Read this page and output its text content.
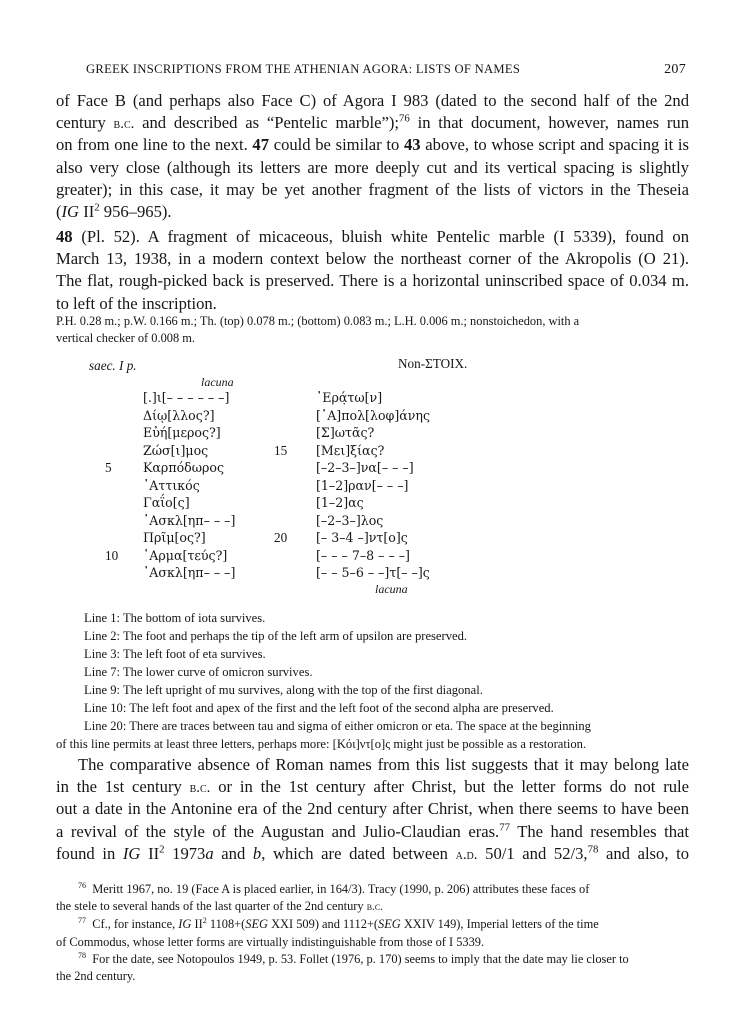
GREEK INSCRIPTIONS FROM THE ATHENIAN AGORA: LISTS OF NAMES	207
of Face B (and perhaps also Face C) of Agora I 983 (dated to the second half of the 2nd
century b.c. and described as “Pentelic marble”);$^{76}$ in that document, however, names run
on from one line to the next. 47 could be similar to 43 above, to whose script and spacing it is
also very close (although its letters are more deeply cut and its vertical spacing is slightly
greater); in this case, it may be yet another fragment of the lists of victors in the Theseia
(IG $II^2$ 956–965).
48 (Pl. 52). A fragment of micaceous, bluish white Pentelic marble (I 5339), found on
March 13, 1938, in a modern context below the northeast corner of the Akropolis (O 21).
The flat, rough-picked back is preserved. There is a horizontal uninscribed space of 0.034 m.
to left of the inscription.
P.H. 0.28 m.; p.W. 0.166 m.; Th. (top) 0.078 m.; (bottom) 0.083 m.; L.H. 0.006 m.; nonstoichedon, with a
vertical checker of 0.008 m.
saec. I p.	Non-ΣΤΟΙΧ.
lacuna
[.]ι[– – – – – –]
Δίῳ[λλος?]
Εὐή[μερος?]
Ζώσ[ι]μος
5 Καρπόδωρος
᾽Αττικός
Γαΐο[ς]
᾽Ασκλ[ηπ– – –]
Πρῖμ[ος?]
10 ῾Αρμα[τεύς?]
᾽Ασκλ[ηπ– – –]
᾽Ερά̣τω[ν]
[᾽Α]πολ[λοφ]άνης
[Σ]ωτᾶς?
15 [Μει]ξίας?
[–2–3–]να[– – –]
[1–2]ραν[– – –]
[1–2]ας
[–2–3–]λος
20 [– 3–4 –]ντ[ο]ς
[– – – 7–8 – – –]
[– – 5–6 – –]τ[– –]ς
lacuna
Line 1: The bottom of iota survives.
Line 2: The foot and perhaps the tip of the left arm of upsilon are preserved.
Line 3: The left foot of eta survives.
Line 7: The lower curve of omicron survives.
Line 9: The left upright of mu survives, along with the top of the first diagonal.
Line 10: The left foot and apex of the first and the left foot of the second alpha are preserved.
Line 20: There are traces between tau and sigma of either omicron or eta. The space at the beginning
of this line permits at least three letters, perhaps more: [Κόι]ντ[ο]ς might just be possible as a restoration.
The comparative absence of Roman names from this list suggests that it may belong late
in the 1st century b.c. or in the 1st century after Christ, but the letter forms do not rule
out a date in the Antonine era of the 2nd century after Christ, when there seems to have been
a revival of the style of the Augustan and Julio-Claudian eras.$^{77}$ The hand resembles that
found in IG $II^2$ 1973a and b, which are dated between a.d. 50/1 and 52/3,78 and also, to
$^{76}$ Meritt 1967, no. 19 (Face A is placed earlier, in 164/3). Tracy (1990, p. 206) attributes these faces of
the stele to several hands of the last quarter of the 2nd century b.c.
$^{77}$ Cf., for instance, IG $II^2$ 1108+(SEG XXI 509) and 1112+(SEG XXIV 149), Imperial letters of the time
of Commodus, whose letter forms are virtually indistinguishable from those of I 5339.
$^{78}$ For the date, see Notopoulos 1949, p. 53. Follet (1976, p. 170) seems to imply that the date may lie closer to
the 2nd century.
